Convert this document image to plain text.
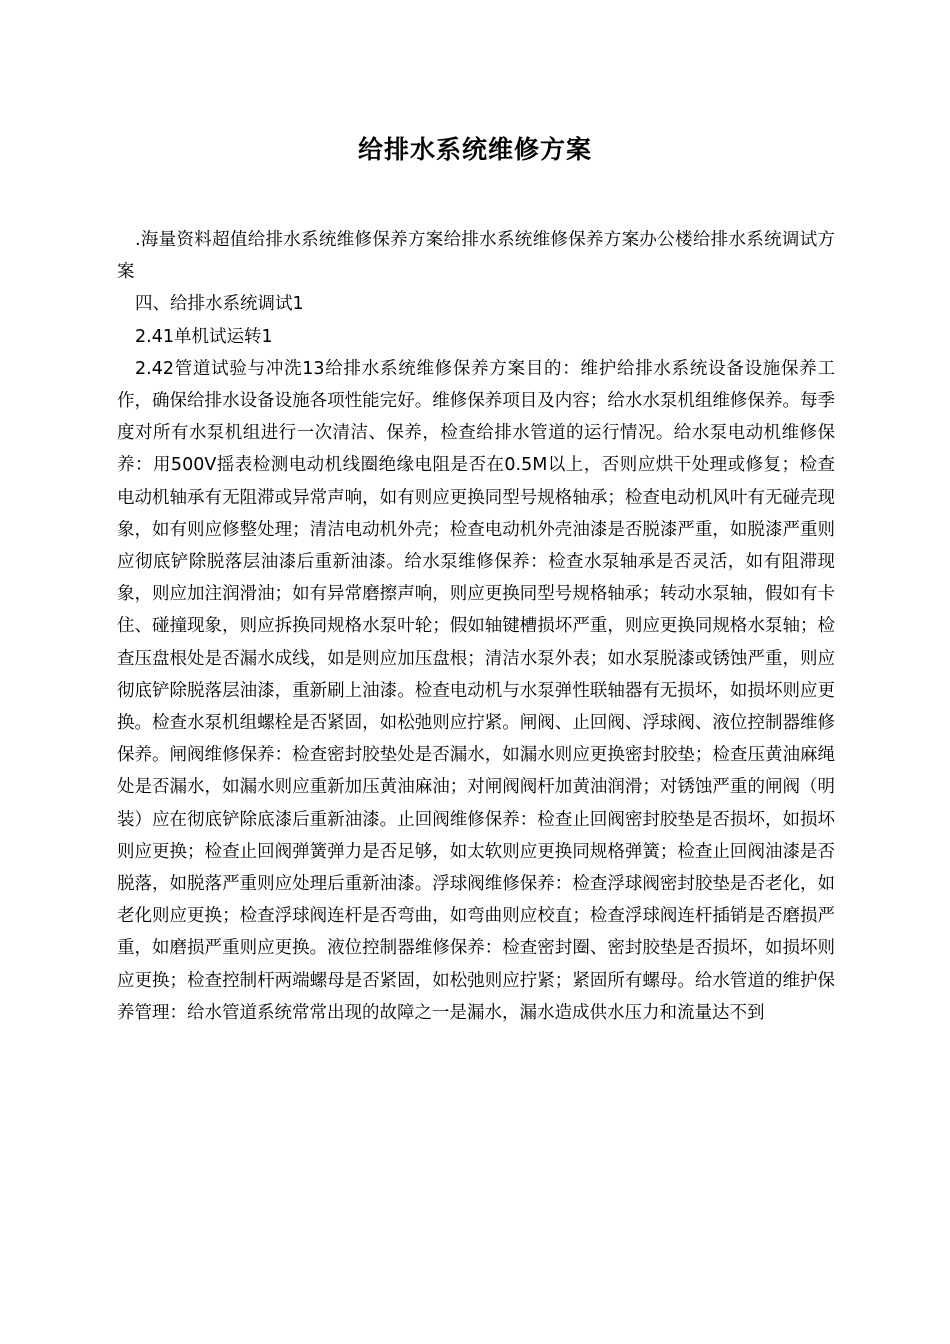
给排水系统维修方案

.海量资料超值给排水系统维修保养方案给排水系统维修保养方案办公楼给排水系统调试方案

四、给排水系统调试1

2.41单机试运转1

2.42管道试验与冲洗13给排水系统维修保养方案目的：维护给排水系统设备设施保养工作，确保给排水设备设施各项性能完好。维修保养项目及内容；给水水泵机组维修保养。每季度对所有水泵机组进行一次清洁、保养，检查给排水管道的运行情况。给水泵电动机维修保养：用500V摇表检测电动机线圈绝缘电阻是否在0.5M以上，否则应烘干处理或修复；检查电动机轴承有无阻滞或异常声响，如有则应更换同型号规格轴承；检查电动机风叶有无碰壳现象，如有则应修整处理；清洁电动机外壳；检查电动机外壳油漆是否脱漆严重，如脱漆严重则应彻底铲除脱落层油漆后重新油漆。给水泵维修保养：检查水泵轴承是否灵活，如有阻滞现象，则应加注润滑油；如有异常磨擦声响，则应更换同型号规格轴承；转动水泵轴，假如有卡住、碰撞现象，则应拆换同规格水泵叶轮；假如轴键槽损坏严重，则应更换同规格水泵轴；检查压盘根处是否漏水成线，如是则应加压盘根；清洁水泵外表；如水泵脱漆或锈蚀严重，则应彻底铲除脱落层油漆，重新刷上油漆。检查电动机与水泵弹性联轴器有无损坏，如损坏则应更换。检查水泵机组螺栓是否紧固，如松弛则应拧紧。闸阀、止回阀、浮球阀、液位控制器维修保养。闸阀维修保养：检查密封胶垫处是否漏水，如漏水则应更换密封胶垫；检查压黄油麻绳处是否漏水，如漏水则应重新加压黄油麻油；对闸阀阀杆加黄油润滑；对锈蚀严重的闸阀（明装）应在彻底铲除底漆后重新油漆。止回阀维修保养：检查止回阀密封胶垫是否损坏，如损坏则应更换；检查止回阀弹簧弹力是否足够，如太软则应更换同规格弹簧；检查止回阀油漆是否脱落，如脱落严重则应处理后重新油漆。浮球阀维修保养：检查浮球阀密封胶垫是否老化，如老化则应更换；检查浮球阀连杆是否弯曲，如弯曲则应校直；检查浮球阀连杆插销是否磨损严重，如磨损严重则应更换。液位控制器维修保养：检查密封圈、密封胶垫是否损坏，如损坏则应更换；检查控制杆两端螺母是否紧固，如松弛则应拧紧；紧固所有螺母。给水管道的维护保养管理：给水管道系统常常出现的故障之一是漏水，漏水造成供水压力和流量达不到
